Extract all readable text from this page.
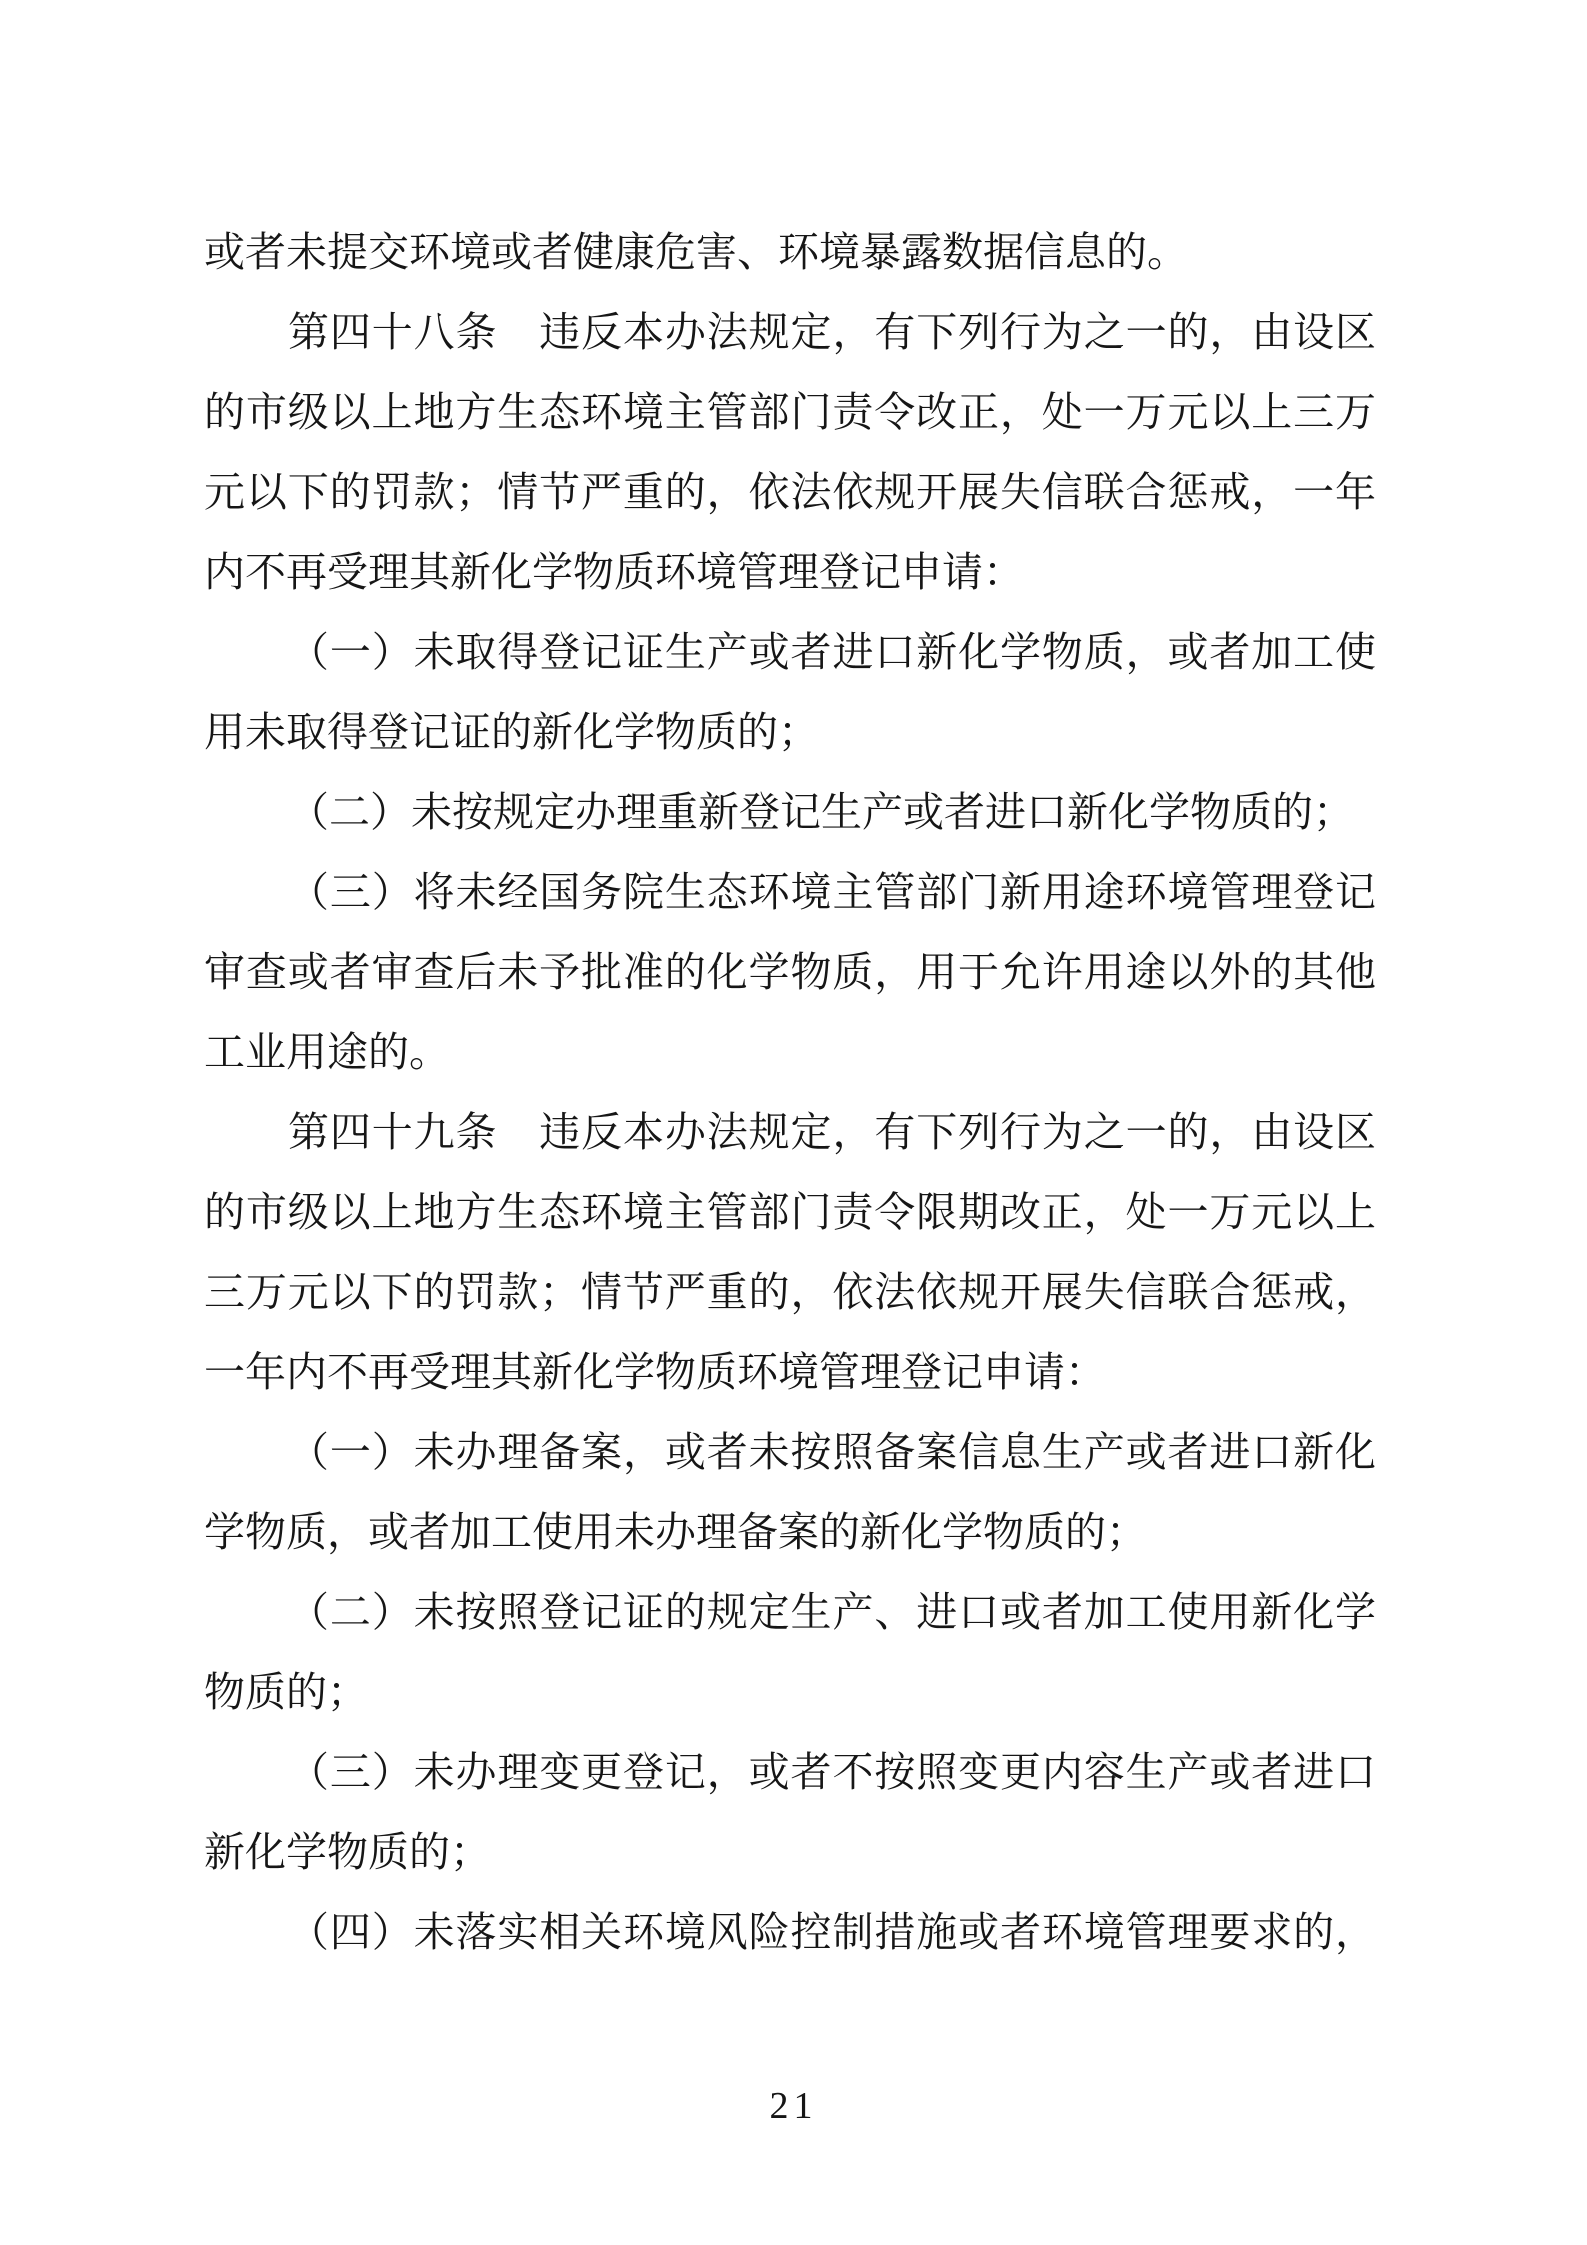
或者未提交环境或者健康危害、环境暴露数据信息的。
第四十八条　违反本办法规定，有下列行为之一的，由设区
的市级以上地方生态环境主管部门责令改正，处一万元以上三万
元以下的罚款；情节严重的，依法依规开展失信联合惩戒，一年
内不再受理其新化学物质环境管理登记申请：
（一）未取得登记证生产或者进口新化学物质，或者加工使
用未取得登记证的新化学物质的；
（二）未按规定办理重新登记生产或者进口新化学物质的；
（三）将未经国务院生态环境主管部门新用途环境管理登记
审查或者审查后未予批准的化学物质，用于允许用途以外的其他
工业用途的。
第四十九条　违反本办法规定，有下列行为之一的，由设区
的市级以上地方生态环境主管部门责令限期改正，处一万元以上
三万元以下的罚款；情节严重的，依法依规开展失信联合惩戒，
一年内不再受理其新化学物质环境管理登记申请：
（一）未办理备案，或者未按照备案信息生产或者进口新化
学物质，或者加工使用未办理备案的新化学物质的；
（二）未按照登记证的规定生产、进口或者加工使用新化学
物质的；
（三）未办理变更登记，或者不按照变更内容生产或者进口
新化学物质的；
（四）未落实相关环境风险控制措施或者环境管理要求的，
21
